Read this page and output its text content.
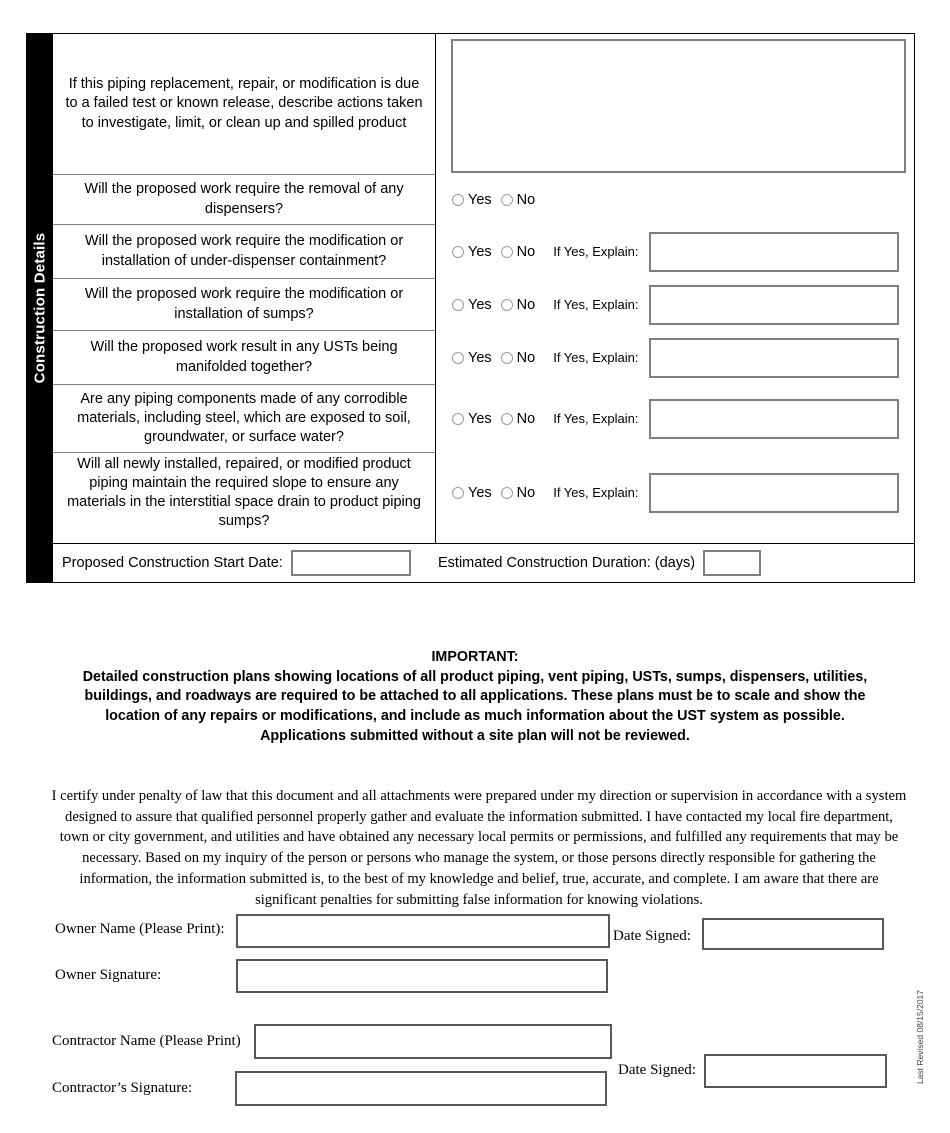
Construction Details
If this piping replacement, repair, or modification is due to a failed test or known release, describe actions taken to investigate, limit, or clean up and spilled product
Will the proposed work require the removal of any dispensers?
Will the proposed work require the modification or installation of under-dispenser containment?
Will the proposed work require the modification or installation of sumps?
Will the proposed work result in any USTs being manifolded together?
Are any piping components made of any corrodible materials, including steel, which are exposed to soil, groundwater, or surface water?
Will all newly installed, repaired, or modified product piping maintain the required slope to ensure any materials in the interstitial space drain to product piping sumps?
Yes No
Yes No If Yes, Explain:
Yes No If Yes, Explain:
Yes No If Yes, Explain:
Yes No If Yes, Explain:
Yes No If Yes, Explain:
Proposed Construction Start Date:	Estimated Construction Duration: (days)
IMPORTANT:
Detailed construction plans showing locations of all product piping, vent piping, USTs, sumps, dispensers, utilities,
buildings, and roadways are required to be attached to all applications. These plans must be to scale and show the
location of any repairs or modifications, and include as much information about the UST system as possible.
Applications submitted without a site plan will not be reviewed.
I certify under penalty of law that this document and all attachments were prepared under my direction or supervision in accordance with a system designed to assure that qualified personnel properly gather and evaluate the information submitted. I have contacted my local fire department, town or city government, and utilities and have obtained any necessary local permits or permissions, and fulfilled any requirements that may be necessary. Based on my inquiry of the person or persons who manage the system, or those persons directly responsible for gathering the information, the information submitted is, to the best of my knowledge and belief, true, accurate, and complete. I am aware that there are significant penalties for submitting false information for knowing violations.
Owner Name (Please Print):	Date Signed:
Owner Signature:
Contractor Name (Please Print)
Date Signed:
Contractor’s Signature:
Last Revised 08/15/2017
